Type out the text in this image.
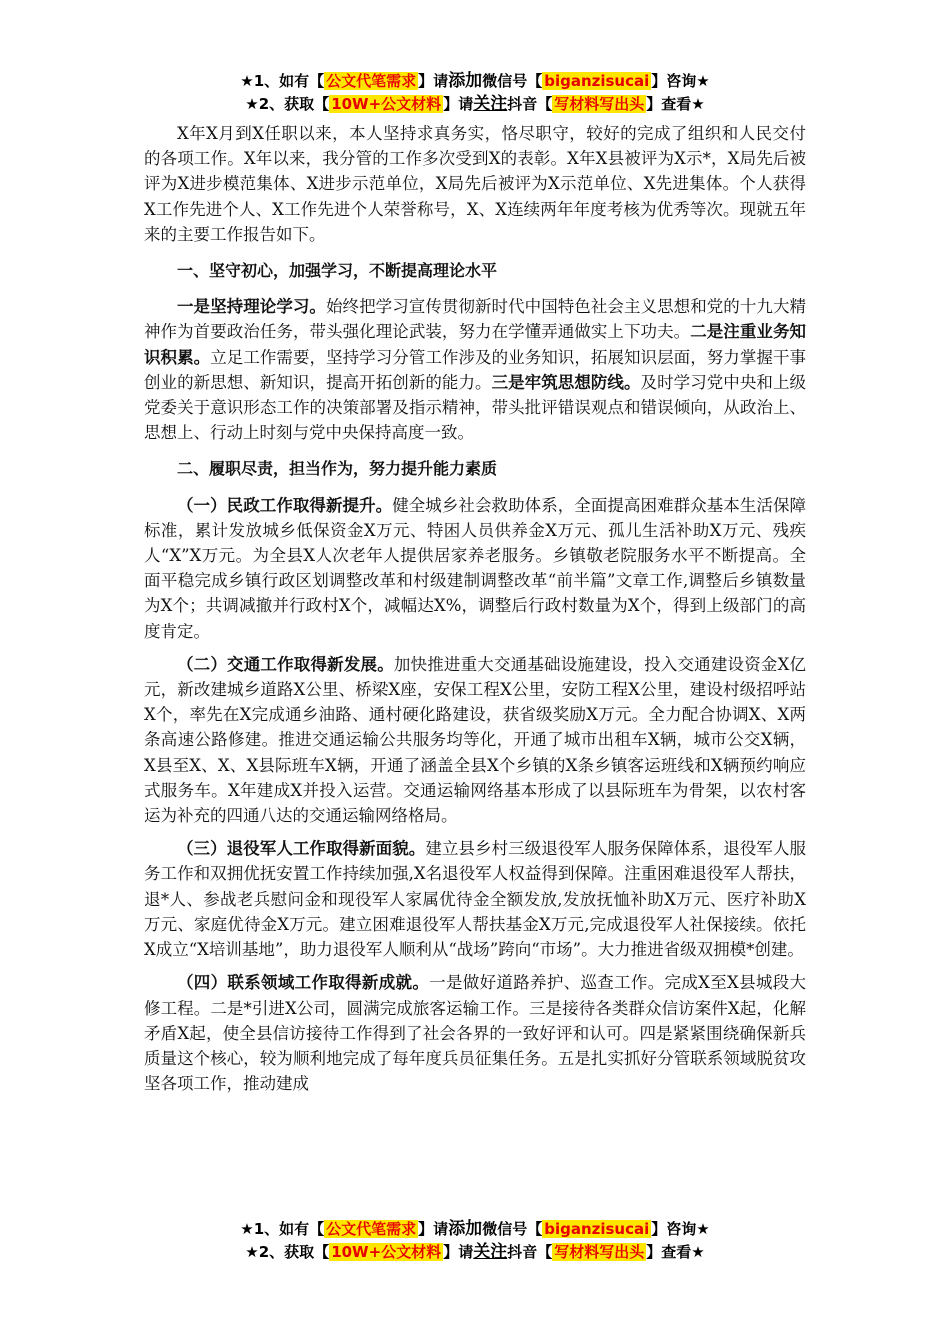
★1、如有【 公文代笔需求 】请添加微信号【 biganzisucai 】咨询★
★2、获取【 10W+公文材料 】请关注抖音【 写材料写出头 】查看★

X年X月到X任职以来，本人坚持求真务实，恪尽职守，较好的完成了组织和人民交付的各项工作。X年以来，我分管的工作多次受到X的表彰。X年X县被评为X示*，X局先后被评为X进步模范集体、X进步示范单位，X局先后被评为X示范单位、X先进集体。个人获得X工作先进个人、X工作先进个人荣誉称号，X、X连续两年年度考核为优秀等次。现就五年来的主要工作报告如下。

一、坚守初心，加强学习，不断提高理论水平

一是坚持理论学习。始终把学习宣传贯彻新时代中国特色社会主义思想和党的十九大精神作为首要政治任务，带头强化理论武装，努力在学懂弄通做实上下功夫。二是注重业务知识积累。立足工作需要，坚持学习分管工作涉及的业务知识，拓展知识层面，努力掌握干事创业的新思想、新知识，提高开拓创新的能力。三是牢筑思想防线。及时学习党中央和上级党委关于意识形态工作的决策部署及指示精神，带头批评错误观点和错误倾向，从政治上、思想上、行动上时刻与党中央保持高度一致。

二、履职尽责，担当作为，努力提升能力素质

（一）民政工作取得新提升。健全城乡社会救助体系，全面提高困难群众基本生活保障标准，累计发放城乡低保资金X万元、特困人员供养金X万元、孤儿生活补助X万元、残疾人“X”X万元。为全县X人次老年人提供居家养老服务。乡镇敬老院服务水平不断提高。全面平稳完成乡镇行政区划调整改革和村级建制调整改革“前半篇”文章工作,调整后乡镇数量为X个；共调减撤并行政村X个，减幅达X%，调整后行政村数量为X个，得到上级部门的高度肯定。

（二）交通工作取得新发展。加快推进重大交通基础设施建设，投入交通建设资金X亿元，新改建城乡道路X公里、桥梁X座，安保工程X公里，安防工程X公里，建设村级招呼站X个，率先在X完成通乡油路、通村硬化路建设，获省级奖励X万元。全力配合协调X、X两条高速公路修建。推进交通运输公共服务均等化，开通了城市出租车X辆，城市公交X辆，X县至X、X、X县际班车X辆，开通了涵盖全县X个乡镇的X条乡镇客运班线和X辆预约响应式服务车。X年建成X并投入运营。交通运输网络基本形成了以县际班车为骨架，以农村客运为补充的四通八达的交通运输网络格局。

（三）退役军人工作取得新面貌。建立县乡村三级退役军人服务保障体系，退役军人服务工作和双拥优抚安置工作持续加强,X名退役军人权益得到保障。注重困难退役军人帮扶，退*人、参战老兵慰问金和现役军人家属优待金全额发放,发放抚恤补助X万元、医疗补助X万元、家庭优待金X万元。建立困难退役军人帮扶基金X万元,完成退役军人社保接续。依托X成立“X培训基地”，助力退役军人顺利从“战场”跨向“市场”。大力推进省级双拥模*创建。

（四）联系领域工作取得新成就。一是做好道路养护、巡查工作。完成X至X县城段大修工程。二是*引进X公司，圆满完成旅客运输工作。三是接待各类群众信访案件X起，化解矛盾X起，使全县信访接待工作得到了社会各界的一致好评和认可。四是紧紧围绕确保新兵质量这个核心，较为顺利地完成了每年度兵员征集任务。五是扎实抓好分管联系领域脱贫攻坚各项工作，推动建成

★1、如有【 公文代笔需求 】请添加微信号【 biganzisucai 】咨询★
★2、获取【 10W+公文材料 】请关注抖音【 写材料写出头 】查看★
